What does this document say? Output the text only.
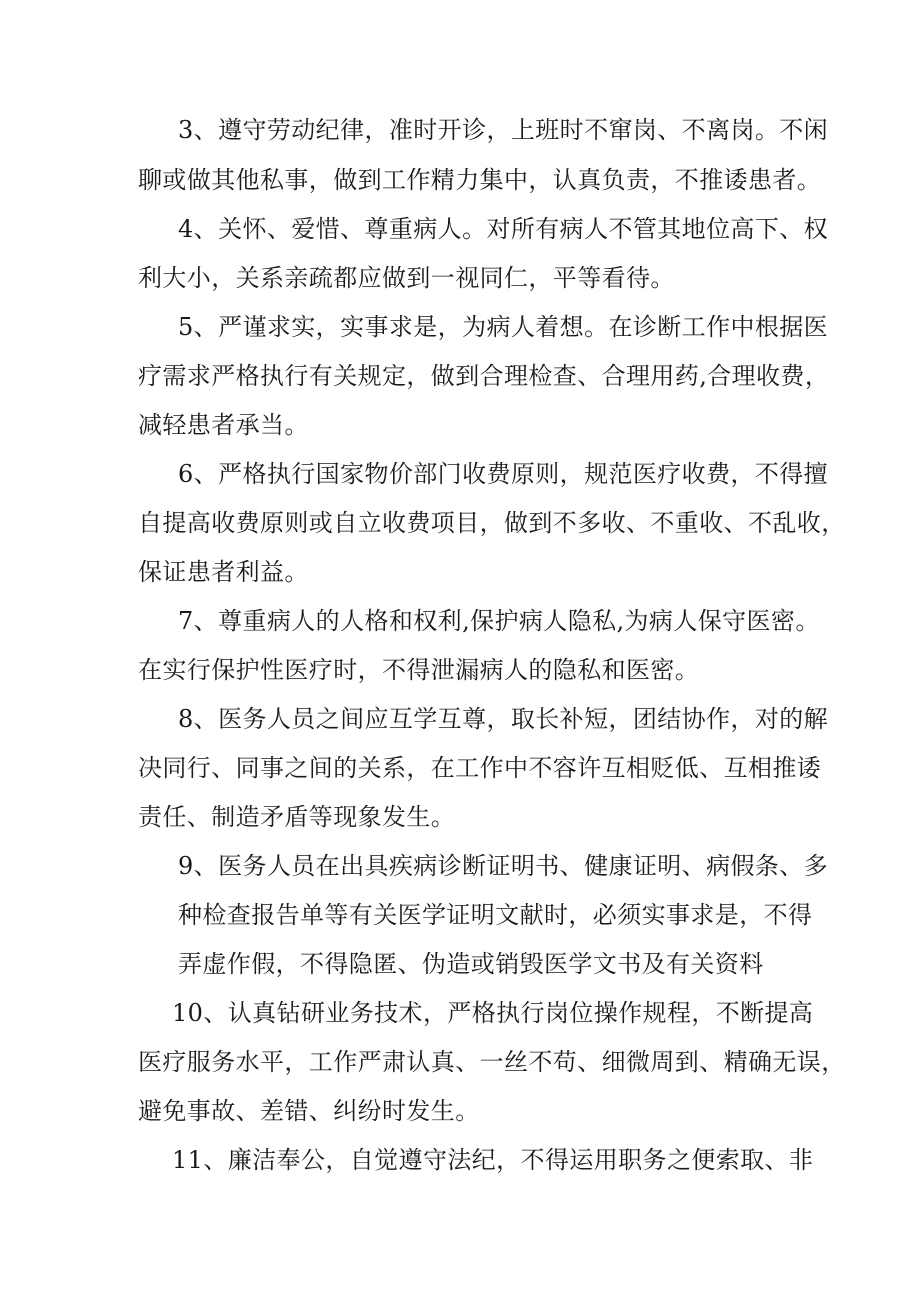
3、遵守劳动纪律，准时开诊，上班时不窜岗、不离岗。不闲

聊或做其他私事，做到工作精力集中，认真负责，不推诿患者。

4、关怀、爱惜、尊重病人。对所有病人不管其地位高下、权

利大小，关系亲疏都应做到一视同仁，平等看待。

5、严谨求实，实事求是，为病人着想。在诊断工作中根据医

疗需求严格执行有关规定，做到合理检查、合理用药,合理收费，

减轻患者承当。

6、严格执行国家物价部门收费原则，规范医疗收费，不得擅

自提高收费原则或自立收费项目，做到不多收、不重收、不乱收，

保证患者利益。

7、尊重病人的人格和权利,保护病人隐私,为病人保守医密。

在实行保护性医疗时，不得泄漏病人的隐私和医密。

8、医务人员之间应互学互尊，取长补短，团结协作，对的解

决同行、同事之间的关系，在工作中不容许互相贬低、互相推诿

责任、制造矛盾等现象发生。

9、医务人员在出具疾病诊断证明书、健康证明、病假条、多

种检查报告单等有关医学证明文献时，必须实事求是，不得

弄虚作假，不得隐匿、伪造或销毁医学文书及有关资料

10、认真钻研业务技术，严格执行岗位操作规程，不断提高

医疗服务水平，工作严肃认真、一丝不苟、细微周到、精确无误，

避免事故、差错、纠纷时发生。

11、廉洁奉公，自觉遵守法纪，不得运用职务之便索取、非
